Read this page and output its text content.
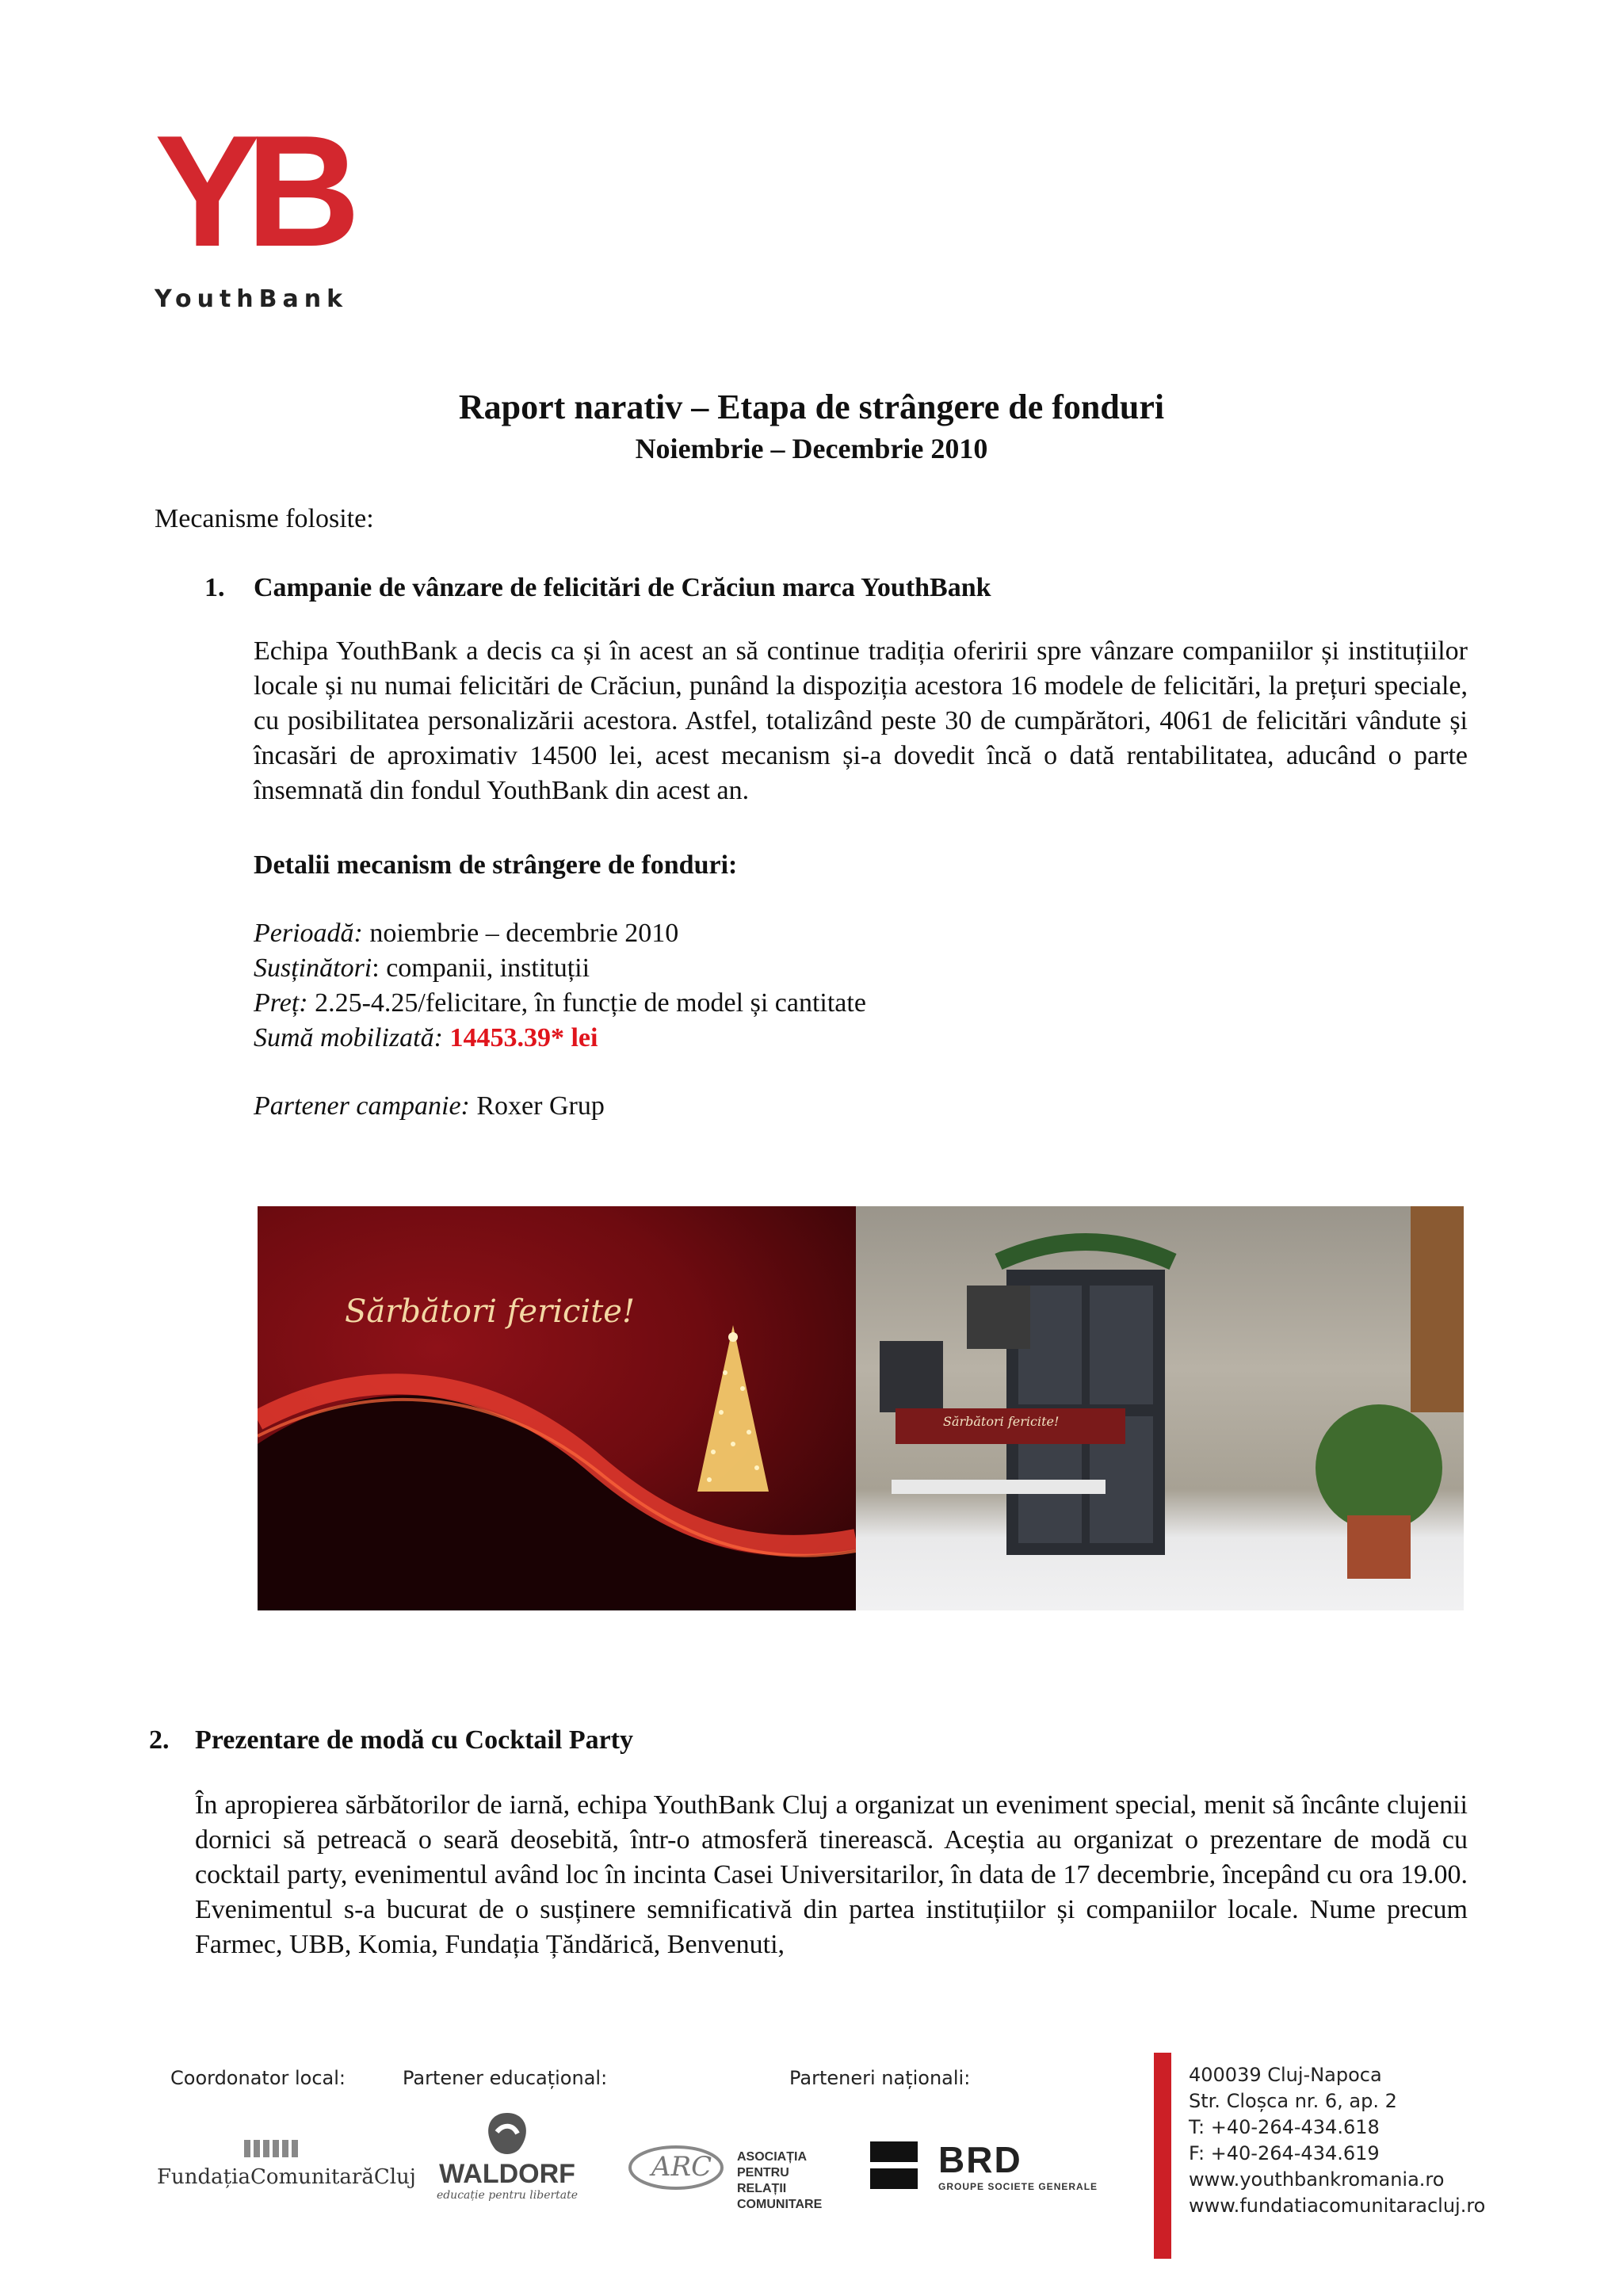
YB
YouthBank
Raport narativ – Etapa de strângere de fonduri
Noiembrie – Decembrie 2010
Mecanisme folosite:
1. Campanie de vânzare de felicitări de Crăciun marca YouthBank
Echipa YouthBank a decis ca și în acest an să continue tradiția oferirii spre vânzare companiilor și instituțiilor locale și nu numai felicitări de Crăciun, punând la dispoziția acestora 16 modele de felicitări, la prețuri speciale, cu posibilitatea personalizării acestora. Astfel, totalizând peste 30 de cumpărători, 4061 de felicitări vândute și încasări de aproximativ 14500 lei, acest mecanism și-a dovedit încă o dată rentabilitatea, aducând o parte însemnată din fondul YouthBank din acest an.
Detalii mecanism de strângere de fonduri:
Perioadă: noiembrie – decembrie 2010
Susținători: companii, instituții
Preț: 2.25-4.25/felicitare, în funcție de model și cantitate
Sumă mobilizată: 14453.39* lei
Partener campanie: Roxer Grup
Sărbători fericite!
Sărbători fericite!
2. Prezentare de modă cu Cocktail Party
În apropierea sărbătorilor de iarnă, echipa YouthBank Cluj a organizat un eveniment special, menit să încânte clujenii dornici să petreacă o seară deosebită, într-o atmosferă tinerească. Aceștia au organizat o prezentare de modă cu cocktail party, evenimentul având loc în incinta Casei Universitarilor, în data de 17 decembrie, începând cu ora 19.00. Evenimentul s-a bucurat de o susținere semnificativă din partea instituțiilor și companiilor locale. Nume precum Farmec, UBB, Komia, Fundația Țăndărică, Benvenuti,
Coordonator local:	Partener educațional:	Parteneri naționali:
FundațiaComunitarăCluj WALDORF
educație pentru libertate
ARC ASOCIAȚIA PENTRU
RELAȚII COMUNITARE
BRD
GROUPE SOCIETE GENERALE
400039 Cluj-Napoca
Str. Cloșca nr. 6, ap. 2
T: +40-264-434.618
F: +40-264-434.619
www.youthbankromania.ro
www.fundatiacomunitaracluj.ro
